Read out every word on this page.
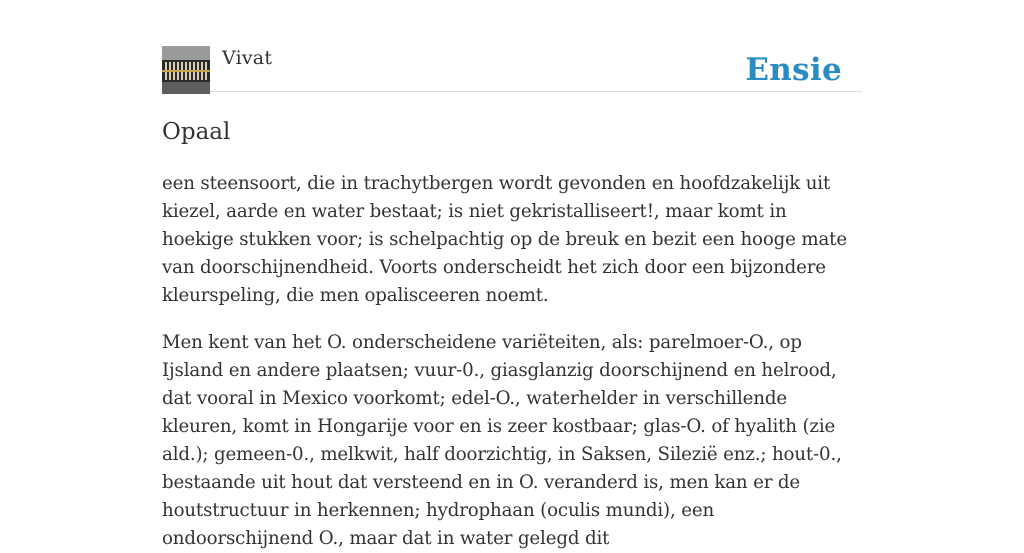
Vivat	Ensie
Opaal

een steensoort, die in trachytbergen wordt gevonden en hoofdzakelijk uit kiezel, aarde en water bestaat; is niet gekristalliseert!, maar komt in hoekige stukken voor; is schelpachtig op de breuk en bezit een hooge mate van doorschijnendheid. Voorts onderscheidt het zich door een bijzondere kleurspeling, die men opalisceeren noemt.

Men kent van het O. onderscheidene variëteiten, als: parelmoer-O., op Ijsland en andere plaatsen; vuur-0., giasglanzig doorschijnend en helrood, dat vooral in Mexico voorkomt; edel-O., waterhelder in verschillende kleuren, komt in Hongarije voor en is zeer kostbaar; glas-O. of hyalith (zie ald.); gemeen-0., melkwit, half doorzichtig, in Saksen, Silezië enz.; hout-0., bestaande uit hout dat versteend en in O. veranderd is, men kan er de houtstructuur in herkennen; hydrophaan (oculis mundi), een ondoorschijnend O., maar dat in water gelegd dit
